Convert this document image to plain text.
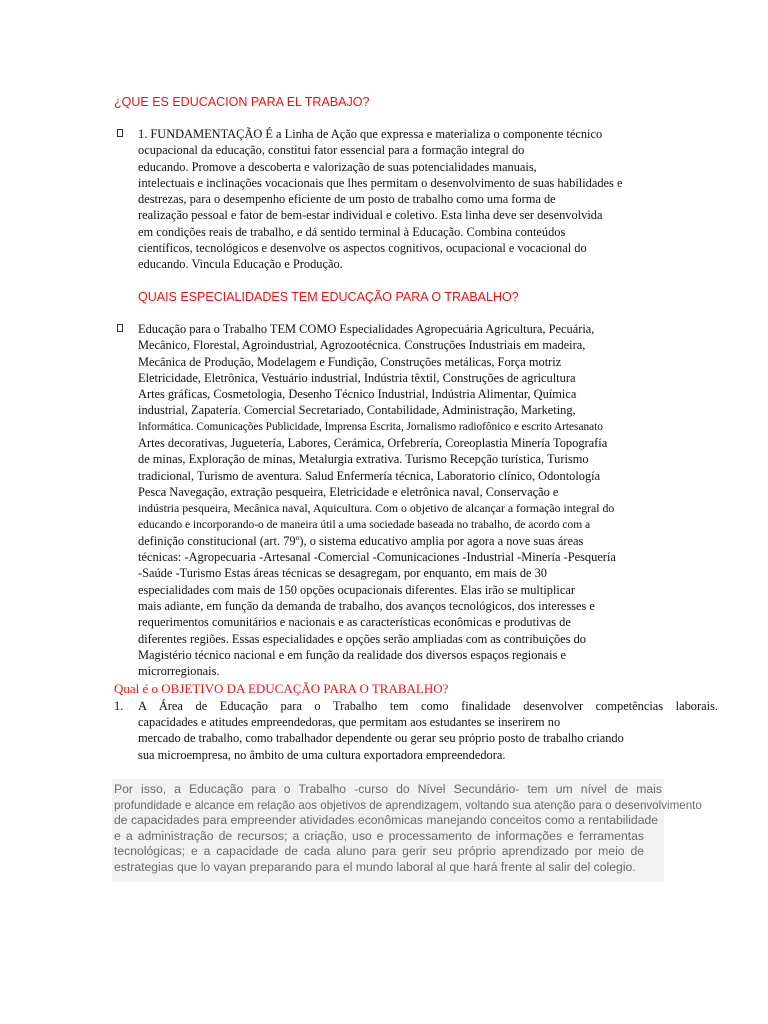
¿QUE ES EDUCACION PARA EL TRABAJO?
1. FUNDAMENTAÇÃO É a Linha de Ação que expressa e materializa o componente técnico
ocupacional da educação, constitui fator essencial para a formação integral do
educando. Promove a descoberta e valorização de suas potencialidades manuais,
intelectuais e inclinações vocacionais que lhes permitam o desenvolvimento de suas habilidades e
destrezas, para o desempenho eficiente de um posto de trabalho como uma forma de
realização pessoal e fator de bem-estar individual e coletivo. Esta linha deve ser desenvolvida
em condições reais de trabalho, e dá sentido terminal à Educação. Combina conteúdos
científicos, tecnológicos e desenvolve os aspectos cognitivos, ocupacional e vocacional do
educando. Vincula Educação e Produção.
QUAIS ESPECIALIDADES TEM EDUCAÇÃO PARA O TRABALHO?
Educação para o Trabalho TEM COMO Especialidades Agropecuária Agricultura, Pecuária,
Mecânico, Florestal, Agroindustrial, Agrozootécnica. Construções Industriais em madeira,
Mecânica de Produção, Modelagem e Fundição, Construções metálicas, Força motriz
Eletricidade, Eletrônica, Vestuário industrial, Indústria têxtil, Construções de agricultura
Artes gráficas, Cosmetologia, Desenho Técnico Industrial, Indústria Alimentar, Química
industrial, Zapatería. Comercial Secretariado, Contabilidade, Administração, Marketing,
Informática. Comunicações Publicidade, Imprensa Escrita, Jornalismo radiofônico e escrito Artesanato
Artes decorativas, Juguetería, Labores, Cerámica, Orfebrería, Coreoplastia Minería Topografía
de minas, Exploração de minas, Metalurgia extrativa. Turismo Recepção turística, Turismo
tradicional, Turismo de aventura. Salud Enfermería técnica, Laboratorio clínico, Odontología
Pesca Navegação, extração pesqueira, Eletricidade e eletrônica naval, Conservação e
indústria pesqueira, Mecânica naval, Aquicultura. Com o objetivo de alcançar a formação integral do
educando e incorporando-o de maneira útil a uma sociedade baseada no trabalho, de acordo com a
definição constitucional (art. 79º), o sistema educativo amplia por agora a nove suas áreas
técnicas: -Agropecuaria -Artesanal -Comercial -Comunicaciones -Industrial -Minería -Pesquería
-Saúde -Turismo Estas áreas técnicas se desagregam, por enquanto, em mais de 30
especialidades com mais de 150 opções ocupacionais diferentes. Elas irão se multiplicar
mais adiante, em função da demanda de trabalho, dos avanços tecnológicos, dos interesses e
requerimentos comunitários e nacionais e as características econômicas e produtivas de
diferentes regiões. Essas especialidades e opções serão ampliadas com as contribuições do
Magistério técnico nacional e em função da realidade dos diversos espaços regionais e
microrregionais.
Qual é o OBJETIVO DA EDUCAÇÃO PARA O TRABALHO?
1. A Área de Educação para o Trabalho tem como finalidade desenvolver competências laborais.
capacidades e atitudes empreendedoras, que permitam aos estudantes se inserirem no
mercado de trabalho, como trabalhador dependente ou gerar seu próprio posto de trabalho criando
sua microempresa, no âmbito de uma cultura exportadora empreendedora.
Por isso, a Educação para o Trabalho -curso do Nível Secundário- tem um nível de mais
profundidade e alcance em relação aos objetivos de aprendizagem, voltando sua atenção para o desenvolvimento
de capacidades para empreender atividades econômicas manejando conceitos como a rentabilidade
e a administração de recursos; a criação, uso e processamento de informações e ferramentas
tecnológicas; e a capacidade de cada aluno para gerir seu próprio aprendizado por meio de
estrategias que lo vayan preparando para el mundo laboral al que hará frente al salir del colegio.
